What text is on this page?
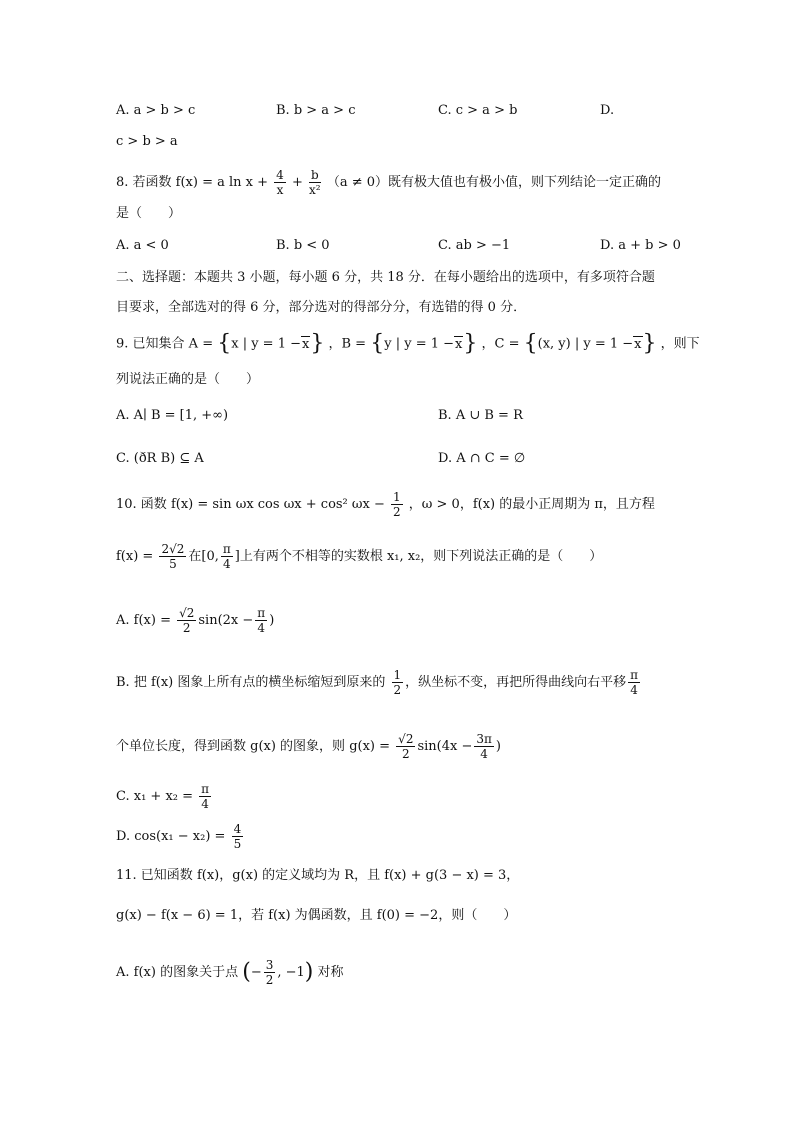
A. a > b > c	B. b > a > c	C. c > a > b	D.
c > b > a
8. 若函数 f(x) = a $\ln x + \frac{4}{x} + \frac{b}{\text{x²}} (a \ne 0)$既有极大值也有极小值，则下列结论一定正确的
是（　　）
A. a < 0	B. b < 0	C. ab > −1	D. a + b > 0
二、选择题：本题共 3 小题，每小题 6 分，共 18 分．在每小题给出的选项中，有多项符合题
目要求，全部选对的得 6 分，部分选对的得部分分，有选错的得 0 分．
9. 已知集合 A = {x | y = 1 −x} ，B = {y | y = 1 −x} ，C = {(x, y) | y = 1 −x} ，则下
列说法正确的是（　　）
A. A∣ B = [1, +∞)	B. A ∪ B = R
C. (ðR B) ⊆ A	D. A ∩ C = ∅
10. 函数 f(x) = sin ωx cos ωx + cos² $\omega x - \frac{1}{2}$ ，ω > 0，f(x) 的最小正周期为 π，且方程
$f(x) = \frac{2√2}{5}$ 在[0, $\frac{\pi}{4}$ ]上有两个不相等的实数根 x₁, x₂，则下列说法正确的是（　　）
A. $f(x) = \frac{√2}{2} \sin(2x - \frac{\pi}{4}$ )
B. 把 f(x) 图象上所有点的横坐标缩短到原来的 $\frac{1}{2}$ ，纵坐标不变，再把所得曲线向右平移 $\frac{\pi}{4}$
个单位长度，得到函数 g(x) 的图象，则 $g(x) = \frac{√2}{2} \sin(4x - \frac{3\pi}{4}$ )
C. $x_1 + x_2 = \frac{\pi}{4}$
D. $\cos(x_1 - x_2) = \frac{4}{5}$
11. 已知函数 f(x)，g(x) 的定义域均为 R，且 f(x) + g(3 − x) = 3，
g(x) − f(x − 6) = 1，若 f(x) 为偶函数，且 f(0) = −2，则（　　）
A. f(x) 的图象关于点 (− $\frac{3}{2}$ , −1) 对称
